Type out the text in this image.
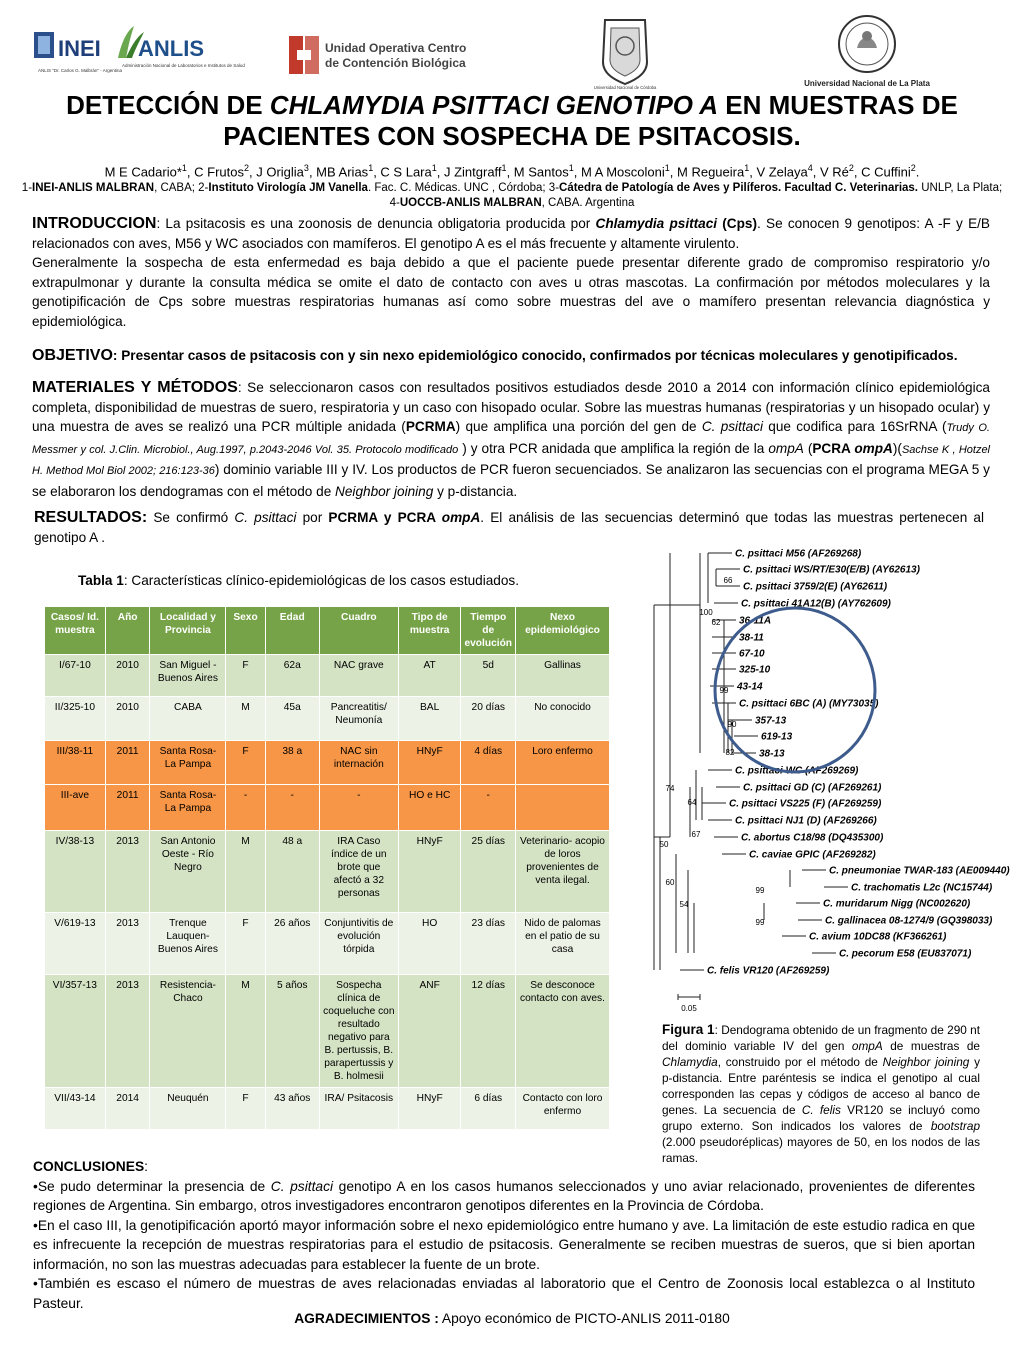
INEI ANLIS
Administración Nacional de Laboratorios e Institutos de Salud
ANLIS "Dr. Carlos G. Malbrán" - Argentina
Unidad Operativa Centro
de Contención Biológica
Universidad Nacional de Córdoba	Universidad Nacional de La Plata
DETECCIÓN DE CHLAMYDIA PSITTACI GENOTIPO A EN MUESTRAS DE PACIENTES CON SOSPECHA DE PSITACOSIS.
M E Cadario*$^1$, C Frutos$^2$, J Origlia$^3$, MB Arias$^1$, C S Lara$^1$, J Zintgraff$^1$, M Santos$^1$, M A Moscoloni$^1$, M Regueira$^1$, V Zelaya$^4$, V $Ré^2$, C Cuffini$^2$.
1-INEI-ANLIS MALBRAN, CABA; 2-Instituto Virología JM Vanella. Fac. C. Médicas. UNC , Córdoba; 3-Cátedra de Patología de Aves y Pilíferos. Facultad C. Veterinarias. UNLP, La Plata; 4-UOCCB-ANLIS MALBRAN, CABA. Argentina
INTRODUCCION: La psitacosis es una zoonosis de denuncia obligatoria producida por Chlamydia psittaci (Cps). Se conocen 9 genotipos: A -F y E/B relacionados con aves, M56 y WC asociados con mamíferos. El genotipo A es el más frecuente y altamente virulento.
Generalmente la sospecha de esta enfermedad es baja debido a que el paciente puede presentar diferente grado de compromiso respiratorio y/o extrapulmonar y durante la consulta médica se omite el dato de contacto con aves u otras mascotas. La confirmación por métodos moleculares y la genotipificación de Cps sobre muestras respiratorias humanas así como sobre muestras del ave o mamífero presentan relevancia diagnóstica y epidemiológica.
OBJETIVO: Presentar casos de psitacosis con y sin nexo epidemiológico conocido, confirmados por técnicas moleculares y genotipificados.
MATERIALES Y MÉTODOS: Se seleccionaron casos con resultados positivos estudiados desde 2010 a 2014 con información clínico epidemiológica completa, disponibilidad de muestras de suero, respiratoria y un caso con hisopado ocular. Sobre las muestras humanas (respiratorias y un hisopado ocular) y una muestra de aves se realizó una PCR múltiple anidada (PCRMA) que amplifica una porción del gen de C. psittaci que codifica para 16SrRNA (Trudy O. Messmer y col. J.Clin. Microbiol., Aug.1997, p.2043-2046 Vol. 35. Protocolo modificado ) y otra PCR anidada que amplifica la región de la ompA (PCRA ompA)(Sachse K , Hotzel H. Method Mol Biol 2002; 216:123-36) dominio variable III y IV. Los productos de PCR fueron secuenciados. Se analizaron las secuencias con el programa MEGA 5 y se elaboraron los dendogramas con el método de Neighbor joining y p-distancia.
RESULTADOS: Se confirmó C. psittaci por PCRMA y PCRA ompA. El análisis de las secuencias determinó que todas las muestras pertenecen al genotipo A .
Tabla 1: Características clínico-epidemiológicas de los casos estudiados.
Casos/ Id. muestra	Año	Localidad y Provincia	Sexo	Edad	Cuadro	Tipo de muestra	Tiempo de evolución	Nexo epidemiológico
I/67-10	2010	San Miguel - Buenos Aires	F	62a	NAC grave	AT	5d	Gallinas
II/325-10	2010	CABA	M	45a	Pancreatitis/ Neumonía	BAL	20 días	No conocido
III/38-11	2011	Santa Rosa- La Pampa	F	38 a	NAC sin internación	HNyF	4 días	Loro enfermo
III-ave	2011	Santa Rosa- La Pampa	-	-	-	HO e HC	-	
IV/38-13	2013	San Antonio Oeste - Río Negro	M	48 a	IRA Caso índice de un brote que afectó a 32 personas	HNyF	25 días	Veterinario- acopio de loros provenientes de venta ilegal.
V/619-13	2013	Trenque Lauquen- Buenos Aires	F	26 años	Conjuntivitis de evolución tórpida	HO	23 días	Nido de palomas en el patio de su casa
VI/357-13	2013	Resistencia- Chaco	M	5 años	Sospecha clínica de coqueluche con resultado negativo para B. pertussis, B. parapertussis y B. holmesii	ANF	12 días	Se desconoce contacto con aves.
VII/43-14	2014	Neuquén	F	43 años	IRA/ Psitacosis	HNyF	6 días	Contacto con loro enfermo
C. psittaci M56 (AF269268)
C. psittaci WS/RT/E30(E/B) (AY62613)
C. psittaci 3759/2(E) (AY62611)
C. psittaci 41A12(B) (AY762609)
36-11A
38-11
67-10
325-10
43-14
C. psittaci 6BC (A) (MY73035)
357-13
619-13
38-13
C. psittaci WC (AF269269)
C. psittaci GD (C) (AF269261)
C. psittaci VS225 (F) (AF269259)
C. psittaci NJ1 (D) (AF269266)
C. abortus C18/98 (DQ435300)
C. caviae GPIC (AF269282)
C. pneumoniae TWAR-183 (AE009440)
C. trachomatis L2c (NC15744)
C. muridarum Nigg (NC002620)
C. gallinacea 08-1274/9 (GQ398033)
C. avium 10DC88 (KF366261)
C. pecorum E58 (EU837071)
C. felis VR120 (AF269259)
66
100
62
99
90
82
74
64
67
50
60
99
54
99
0.05
Figura 1: Dendograma obtenido de un fragmento de 290 nt del dominio variable IV del gen ompA de muestras de Chlamydia, construido por el método de Neighbor joining y p-distancia. Entre paréntesis se indica el genotipo al cual corresponden las cepas y códigos de acceso al banco de genes. La secuencia de C. felis VR120 se incluyó como grupo externo. Son indicados los valores de bootstrap (2.000 pseudoréplicas) mayores de 50, en los nodos de las ramas.
CONCLUSIONES:
•Se pudo determinar la presencia de C. psittaci genotipo A en los casos humanos seleccionados y uno aviar relacionado, provenientes de diferentes regiones de Argentina. Sin embargo, otros investigadores encontraron genotipos diferentes en la Provincia de Córdoba.
•En el caso III, la genotipificación aportó mayor información sobre el nexo epidemiológico entre humano y ave. La limitación de este estudio radica en que es infrecuente la recepción de muestras respiratorias para el estudio de psitacosis. Generalmente se reciben muestras de sueros, que si bien aportan información, no son las muestras adecuadas para establecer la fuente de un brote.
•También es escaso el número de muestras de aves relacionadas enviadas al laboratorio que el Centro de Zoonosis local establezca o al Instituto Pasteur.
AGRADECIMIENTOS : Apoyo económico de PICTO-ANLIS 2011-0180
